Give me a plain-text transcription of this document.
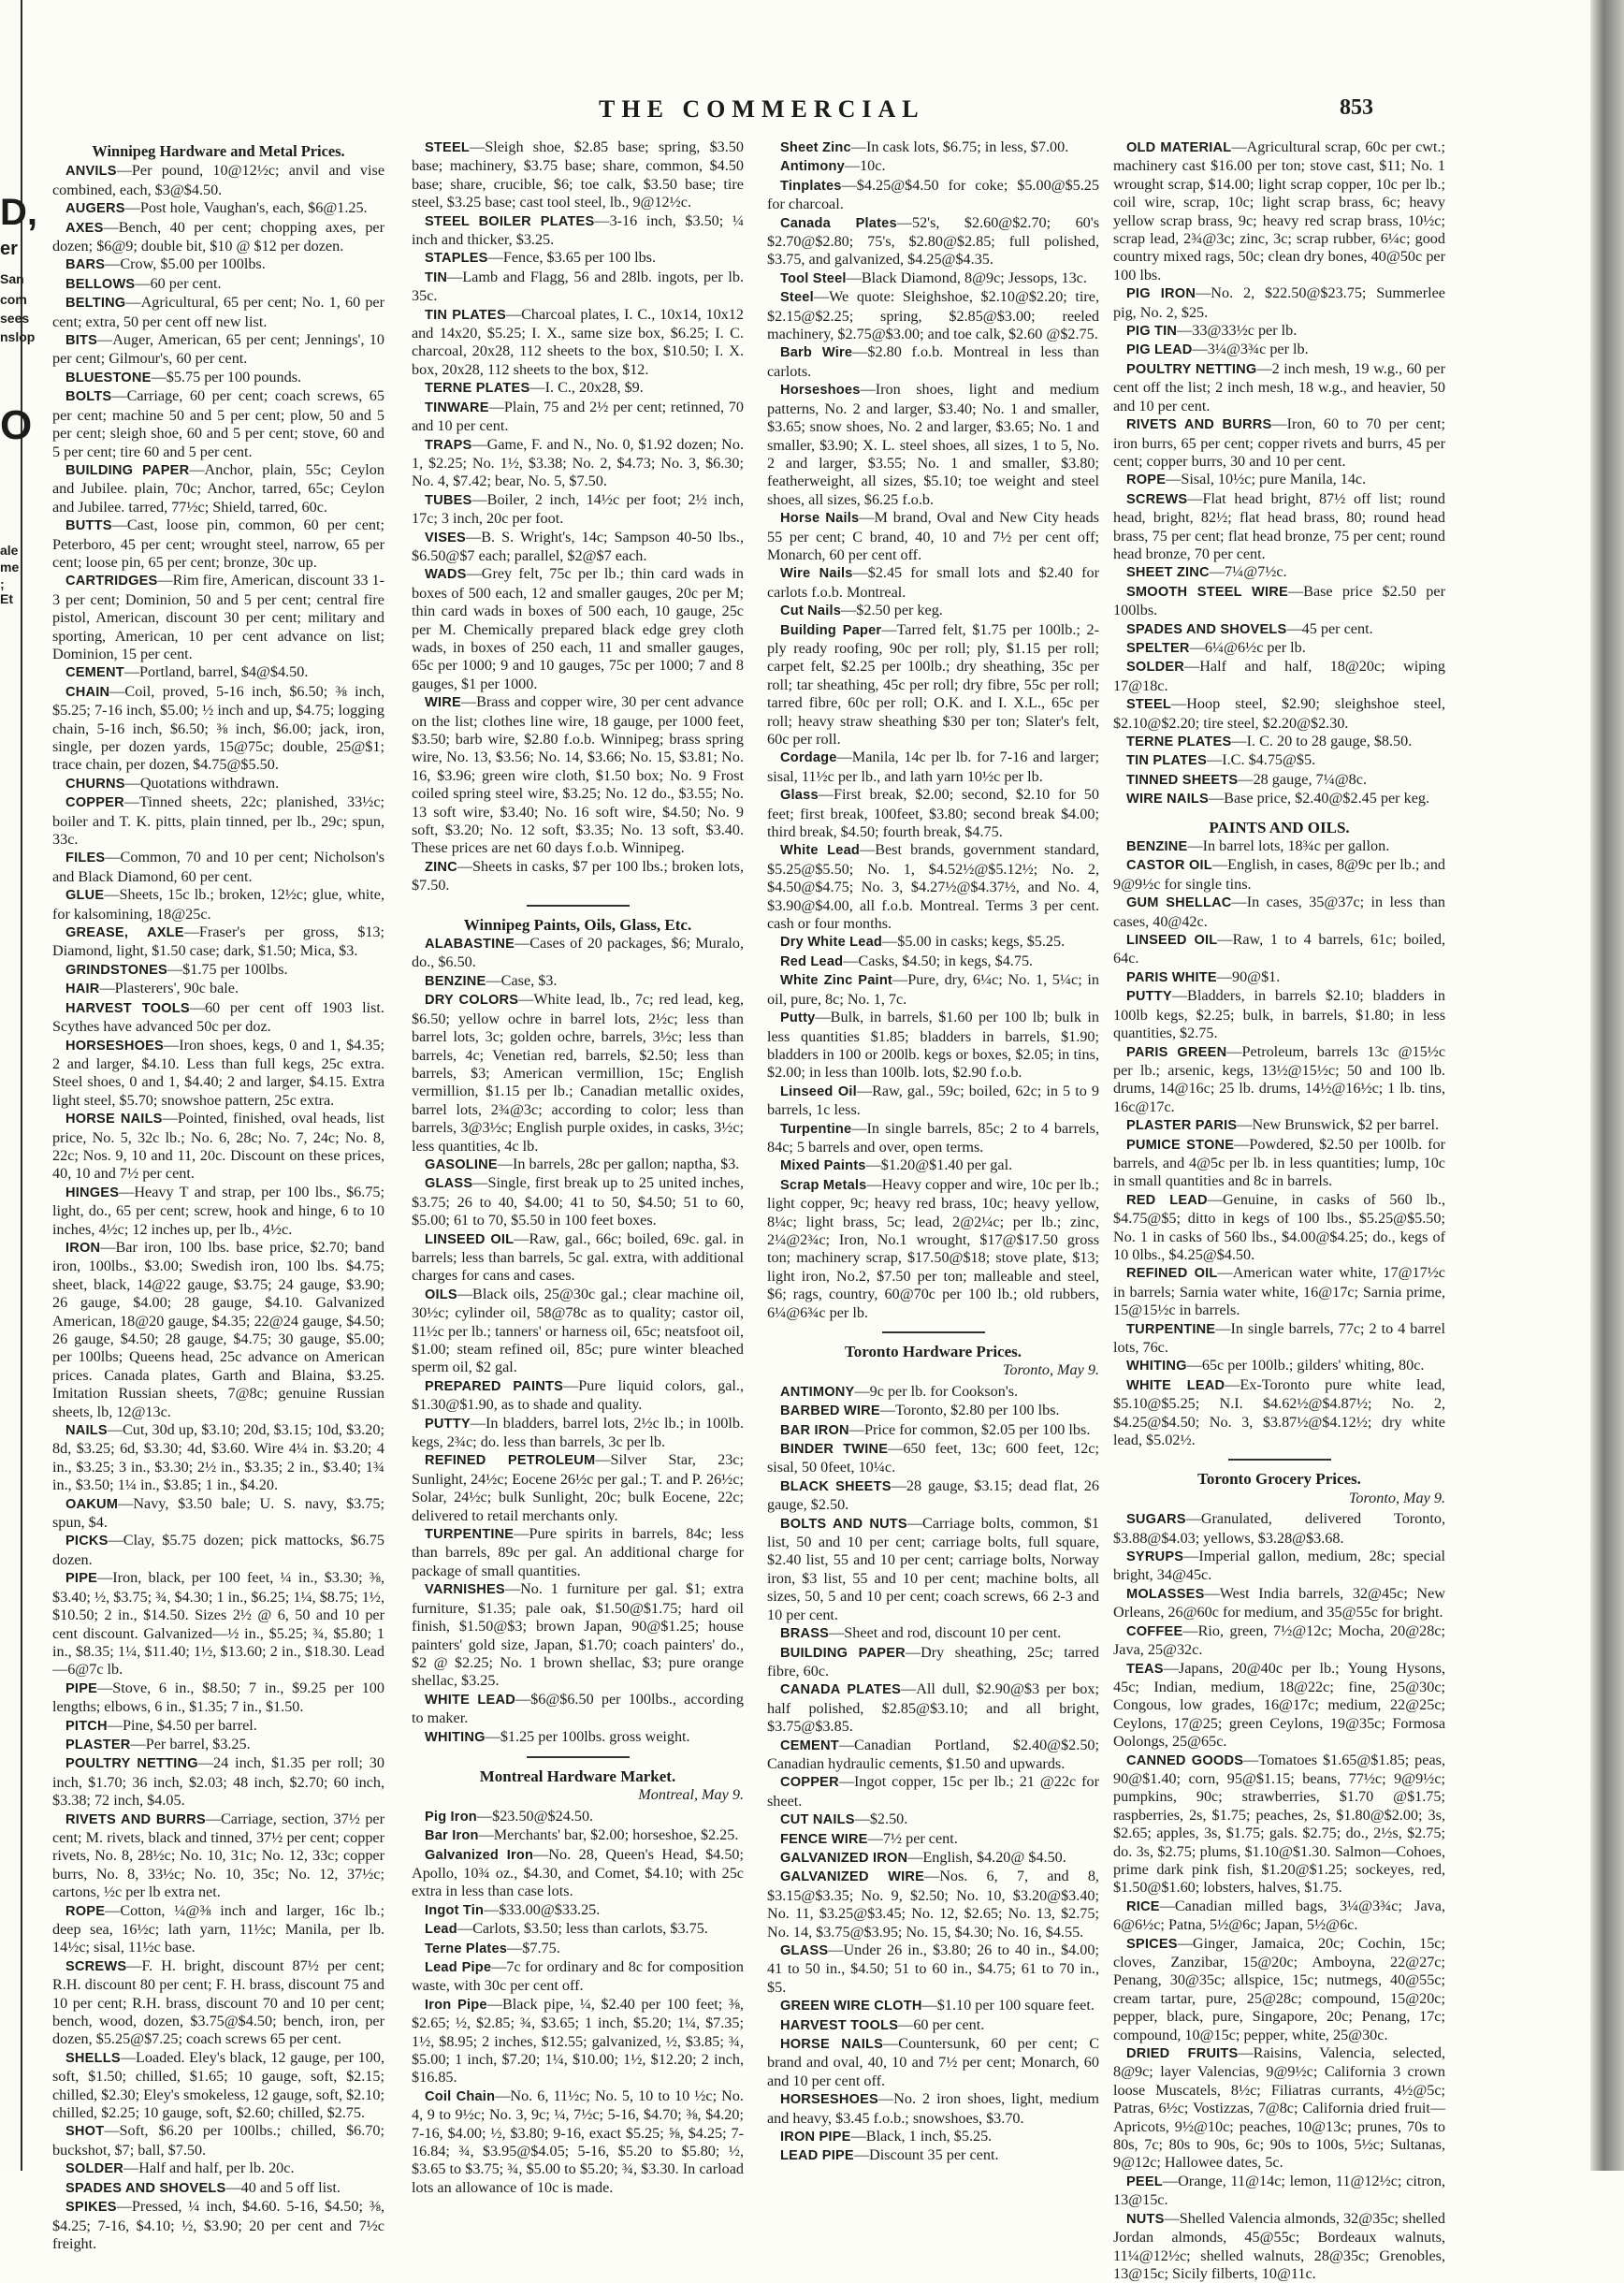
D,
er
San
com
sees
nslop
O
ale
me
; Et
THE COMMERCIAL	853
Winnipeg Hardware and Metal Prices.

ANVILS—Per pound, 10@12½c; anvil and vise combined, each, $3@$4.50.

AUGERS—Post hole, Vaughan's, each, $6@1.25.

AXES—Bench, 40 per cent; chopping axes, per dozen; $6@9; double bit, $10 @ $12 per dozen.

BARS—Crow, $5.00 per 100lbs.

BELLOWS—60 per cent.

BELTING—Agricultural, 65 per cent; No. 1, 60 per cent; extra, 50 per cent off new list.

BITS—Auger, American, 65 per cent; Jennings', 10 per cent; Gilmour's, 60 per cent.

BLUESTONE—$5.75 per 100 pounds.

BOLTS—Carriage, 60 per cent; coach screws, 65 per cent; machine 50 and 5 per cent; plow, 50 and 5 per cent; sleigh shoe, 60 and 5 per cent; stove, 60 and 5 per cent; tire 60 and 5 per cent.

BUILDING PAPER—Anchor, plain, 55c; Ceylon and Jubilee. plain, 70c; Anchor, tarred, 65c; Ceylon and Jubilee. tarred, 77½c; Shield, tarred, 60c.

BUTTS—Cast, loose pin, common, 60 per cent; Peterboro, 45 per cent; wrought steel, narrow, 65 per cent; loose pin, 65 per cent; bronze, 30c up.

CARTRIDGES—Rim fire, American, discount 33 1-3 per cent; Dominion, 50 and 5 per cent; central fire pistol, American, discount 30 per cent; military and sporting, American, 10 per cent advance on list; Dominion, 15 per cent.

CEMENT—Portland, barrel, $4@$4.50.

CHAIN—Coil, proved, 5-16 inch, $6.50; ⅜ inch, $5.25; 7-16 inch, $5.00; ½ inch and up, $4.75; logging chain, 5-16 inch, $6.50; ⅜ inch, $6.00; jack, iron, single, per dozen yards, 15@75c; double, 25@$1; trace chain, per dozen, $4.75@$5.50.

CHURNS—Quotations withdrawn.

COPPER—Tinned sheets, 22c; planished, 33½c; boiler and T. K. pitts, plain tinned, per lb., 29c; spun, 33c.

FILES—Common, 70 and 10 per cent; Nicholson's and Black Diamond, 60 per cent.

GLUE—Sheets, 15c lb.; broken, 12½c; glue, white, for kalsomining, 18@25c.

GREASE, AXLE—Fraser's per gross, $13; Diamond, light, $1.50 case; dark, $1.50; Mica, $3.

GRINDSTONES—$1.75 per 100lbs.

HAIR—Plasterers', 90c bale.

HARVEST TOOLS—60 per cent off 1903 list. Scythes have advanced 50c per doz.

HORSESHOES—Iron shoes, kegs, 0 and 1, $4.35; 2 and larger, $4.10. Less than full kegs, 25c extra. Steel shoes, 0 and 1, $4.40; 2 and larger, $4.15. Extra light steel, $5.70; snowshoe pattern, 25c extra.

HORSE NAILS—Pointed, finished, oval heads, list price, No. 5, 32c lb.; No. 6, 28c; No. 7, 24c; No. 8, 22c; Nos. 9, 10 and 11, 20c. Discount on these prices, 40, 10 and 7½ per cent.

HINGES—Heavy T and strap, per 100 lbs., $6.75; light, do., 65 per cent; screw, hook and hinge, 6 to 10 inches, 4½c; 12 inches up, per lb., 4½c.

IRON—Bar iron, 100 lbs. base price, $2.70; band iron, 100lbs., $3.00; Swedish iron, 100 lbs. $4.75; sheet, black, 14@22 gauge, $3.75; 24 gauge, $3.90; 26 gauge, $4.00; 28 gauge, $4.10. Galvanized American, 18@20 gauge, $4.35; 22@24 gauge, $4.50; 26 gauge, $4.50; 28 gauge, $4.75; 30 gauge, $5.00; per 100lbs; Queens head, 25c advance on American prices. Canada plates, Garth and Blaina, $3.25. Imitation Russian sheets, 7@8c; genuine Russian sheets, lb, 12@13c.

NAILS—Cut, 30d up, $3.10; 20d, $3.15; 10d, $3.20; 8d, $3.25; 6d, $3.30; 4d, $3.60. Wire 4¼ in. $3.20; 4 in., $3.25; 3 in., $3.30; 2½ in., $3.35; 2 in., $3.40; 1¾ in., $3.50; 1¼ in., $3.85; 1 in., $4.20.

OAKUM—Navy, $3.50 bale; U. S. navy, $3.75; spun, $4.

PICKS—Clay, $5.75 dozen; pick mattocks, $6.75 dozen.

PIPE—Iron, black, per 100 feet, ¼ in., $3.30; ⅜, $3.40; ½, $3.75; ¾, $4.30; 1 in., $6.25; 1¼, $8.75; 1½, $10.50; 2 in., $14.50. Sizes 2½ @ 6, 50 and 10 per cent discount. Galvanized—½ in., $5.25; ¾, $5.80; 1 in., $8.35; 1¼, $11.40; 1½, $13.60; 2 in., $18.30. Lead—6@7c lb.

PIPE—Stove, 6 in., $8.50; 7 in., $9.25 per 100 lengths; elbows, 6 in., $1.35; 7 in., $1.50.

PITCH—Pine, $4.50 per barrel.

PLASTER—Per barrel, $3.25.

POULTRY NETTING—24 inch, $1.35 per roll; 30 inch, $1.70; 36 inch, $2.03; 48 inch, $2.70; 60 inch, $3.38; 72 inch, $4.05.

RIVETS AND BURRS—Carriage, section, 37½ per cent; M. rivets, black and tinned, 37½ per cent; copper rivets, No. 8, 28½c; No. 10, 31c; No. 12, 33c; copper burrs, No. 8, 33½c; No. 10, 35c; No. 12, 37½c; cartons, ½c per lb extra net.

ROPE—Cotton, ¼@⅜ inch and larger, 16c lb.; deep sea, 16½c; lath yarn, 11½c; Manila, per lb. 14½c; sisal, 11½c base.

SCREWS—F. H. bright, discount 87½ per cent; R.H. discount 80 per cent; F. H. brass, discount 75 and 10 per cent; R.H. brass, discount 70 and 10 per cent; bench, wood, dozen, $3.75@$4.50; bench, iron, per dozen, $5.25@$7.25; coach screws 65 per cent.

SHELLS—Loaded. Eley's black, 12 gauge, per 100, soft, $1.50; chilled, $1.65; 10 gauge, soft, $2.15; chilled, $2.30; Eley's smokeless, 12 gauge, soft, $2.10; chilled, $2.25; 10 gauge, soft, $2.60; chilled, $2.75.

SHOT—Soft, $6.20 per 100lbs.; chilled, $6.70; buckshot, $7; ball, $7.50.

SOLDER—Half and half, per lb. 20c.

SPADES AND SHOVELS—40 and 5 off list.

SPIKES—Pressed, ¼ inch, $4.60. 5-16, $4.50; ⅜, $4.25; 7-16, $4.10; ½, $3.90; 20 per cent and 7½c freight.

STEEL—Sleigh shoe, $2.85 base; spring, $3.50 base; machinery, $3.75 base; share, common, $4.50 base; share, crucible, $6; toe calk, $3.50 base; tire steel, $3.25 base; cast tool steel, lb., 9@12½c.

STEEL BOILER PLATES—3-16 inch, $3.50; ¼ inch and thicker, $3.25.

STAPLES—Fence, $3.65 per 100 lbs.

TIN—Lamb and Flagg, 56 and 28lb. ingots, per lb. 35c.

TIN PLATES—Charcoal plates, I. C., 10x14, 10x12 and 14x20, $5.25; I. X., same size box, $6.25; I. C. charcoal, 20x28, 112 sheets to the box, $10.50; I. X. box, 20x28, 112 sheets to the box, $12.

TERNE PLATES—I. C., 20x28, $9.

TINWARE—Plain, 75 and 2½ per cent; retinned, 70 and 10 per cent.

TRAPS—Game, F. and N., No. 0, $1.92 dozen; No. 1, $2.25; No. 1½, $3.38; No. 2, $4.73; No. 3, $6.30; No. 4, $7.42; bear, No. 5, $7.50.

TUBES—Boiler, 2 inch, 14½c per foot; 2½ inch, 17c; 3 inch, 20c per foot.

VISES—B. S. Wright's, 14c; Sampson 40-50 lbs., $6.50@$7 each; parallel, $2@$7 each.

WADS—Grey felt, 75c per lb.; thin card wads in boxes of 500 each, 12 and smaller gauges, 20c per M; thin card wads in boxes of 500 each, 10 gauge, 25c per M. Chemically prepared black edge grey cloth wads, in boxes of 250 each, 11 and smaller gauges, 65c per 1000; 9 and 10 gauges, 75c per 1000; 7 and 8 gauges, $1 per 1000.

WIRE—Brass and copper wire, 30 per cent advance on the list; clothes line wire, 18 gauge, per 1000 feet, $3.50; barb wire, $2.80 f.o.b. Winnipeg; brass spring wire, No. 13, $3.56; No. 14, $3.66; No. 15, $3.81; No. 16, $3.96; green wire cloth, $1.50 box; No. 9 Frost coiled spring steel wire, $3.25; No. 12 do., $3.55; No. 13 soft wire, $3.40; No. 16 soft wire, $4.50; No. 9 soft, $3.20; No. 12 soft, $3.35; No. 13 soft, $3.40. These prices are net 60 days f.o.b. Winnipeg.

ZINC—Sheets in casks, $7 per 100 lbs.; broken lots, $7.50.

Winnipeg Paints, Oils, Glass, Etc.

ALABASTINE—Cases of 20 packages, $6; Muralo, do., $6.50.

BENZINE—Case, $3.

DRY COLORS—White lead, lb., 7c; red lead, keg, $6.50; yellow ochre in barrel lots, 2½c; less than barrel lots, 3c; golden ochre, barrels, 3½c; less than barrels, 4c; Venetian red, barrels, $2.50; less than barrels, $3; American vermillion, 15c; English vermillion, $1.15 per lb.; Canadian metallic oxides, barrel lots, 2¾@3c; according to color; less than barrels, 3@3½c; English purple oxides, in casks, 3½c; less quantities, 4c lb.

GASOLINE—In barrels, 28c per gallon; naptha, $3.

GLASS—Single, first break up to 25 united inches, $3.75; 26 to 40, $4.00; 41 to 50, $4.50; 51 to 60, $5.00; 61 to 70, $5.50 in 100 feet boxes.

LINSEED OIL—Raw, gal., 66c; boiled, 69c. gal. in barrels; less than barrels, 5c gal. extra, with additional charges for cans and cases.

OILS—Black oils, 25@30c gal.; clear machine oil, 30½c; cylinder oil, 58@78c as to quality; castor oil, 11½c per lb.; tanners' or harness oil, 65c; neatsfoot oil, $1.00; steam refined oil, 85c; pure winter bleached sperm oil, $2 gal.

PREPARED PAINTS—Pure liquid colors, gal., $1.30@$1.90, as to shade and quality.

PUTTY—In bladders, barrel lots, 2½c lb.; in 100lb. kegs, 2¾c; do. less than barrels, 3c per lb.

REFINED PETROLEUM—Silver Star, 23c; Sunlight, 24½c; Eocene 26½c per gal.; T. and P. 26½c; Solar, 24½c; bulk Sunlight, 20c; bulk Eocene, 22c; delivered to retail merchants only.

TURPENTINE—Pure spirits in barrels, 84c; less than barrels, 89c per gal. An additional charge for package of small quantities.

VARNISHES—No. 1 furniture per gal. $1; extra furniture, $1.35; pale oak, $1.50@$1.75; hard oil finish, $1.50@$3; brown Japan, 90@$1.25; house painters' gold size, Japan, $1.70; coach painters' do., $2 @ $2.25; No. 1 brown shellac, $3; pure orange shellac, $3.25.

WHITE LEAD—$6@$6.50 per 100lbs., according to maker.

WHITING—$1.25 per 100lbs. gross weight.

Montreal Hardware Market.
Montreal, May 9.

Pig Iron—$23.50@$24.50.

Bar Iron—Merchants' bar, $2.00; horseshoe, $2.25.

Galvanized Iron—No. 28, Queen's Head, $4.50; Apollo, 10¾ oz., $4.30, and Comet, $4.10; with 25c extra in less than case lots.

Ingot Tin—$33.00@$33.25.

Lead—Carlots, $3.50; less than carlots, $3.75.

Terne Plates—$7.75.

Lead Pipe—7c for ordinary and 8c for composition waste, with 30c per cent off.

Iron Pipe—Black pipe, ¼, $2.40 per 100 feet; ⅜, $2.65; ½, $2.85; ¾, $3.65; 1 inch, $5.20; 1¼, $7.35; 1½, $8.95; 2 inches, $12.55; galvanized, ½, $3.85; ¾, $5.00; 1 inch, $7.20; 1¼, $10.00; 1½, $12.20; 2 inch, $16.85.

Coil Chain—No. 6, 11½c; No. 5, 10 to 10 ½c; No. 4, 9 to 9½c; No. 3, 9c; ¼, 7½c; 5-16, $4.70; ⅜, $4.20; 7-16, $4.00; ½, $3.80; 9-16, exact $5.25; ⅝, $4.25; 7-16.84; ¾, $3.95@$4.05; 5-16, $5.20 to $5.80; ½, $3.65 to $3.75; ¾, $5.00 to $5.20; ¾, $3.30. In carload lots an allowance of 10c is made.

Sheet Zinc—In cask lots, $6.75; in less, $7.00.

Antimony—10c.

Tinplates—$4.25@$4.50 for coke; $5.00@$5.25 for charcoal.

Canada Plates—52's, $2.60@$2.70; 60's $2.70@$2.80; 75's, $2.80@$2.85; full polished, $3.75, and galvanized, $4.25@$4.35.

Tool Steel—Black Diamond, 8@9c; Jessops, 13c.

Steel—We quote: Sleighshoe, $2.10@$2.20; tire, $2.15@$2.25; spring, $2.85@$3.00; reeled machinery, $2.75@$3.00; and toe calk, $2.60 @$2.75.

Barb Wire—$2.80 f.o.b. Montreal in less than carlots.

Horseshoes—Iron shoes, light and medium patterns, No. 2 and larger, $3.40; No. 1 and smaller, $3.65; snow shoes, No. 2 and larger, $3.65; No. 1 and smaller, $3.90; X. L. steel shoes, all sizes, 1 to 5, No. 2 and larger, $3.55; No. 1 and smaller, $3.80; featherweight, all sizes, $5.10; toe weight and steel shoes, all sizes, $6.25 f.o.b.

Horse Nails—M brand, Oval and New City heads 55 per cent; C brand, 40, 10 and 7½ per cent off; Monarch, 60 per cent off.

Wire Nails—$2.45 for small lots and $2.40 for carlots f.o.b. Montreal.

Cut Nails—$2.50 per keg.

Building Paper—Tarred felt, $1.75 per 100lb.; 2-ply ready roofing, 90c per roll; ply, $1.15 per roll; carpet felt, $2.25 per 100lb.; dry sheathing, 35c per roll; tar sheathing, 45c per roll; dry fibre, 55c per roll; tarred fibre, 60c per roll; O.K. and I. X.L., 65c per roll; heavy straw sheathing $30 per ton; Slater's felt, 60c per roll.

Cordage—Manila, 14c per lb. for 7-16 and larger; sisal, 11½c per lb., and lath yarn 10½c per lb.

Glass—First break, $2.00; second, $2.10 for 50 feet; first break, 100feet, $3.80; second break $4.00; third break, $4.50; fourth break, $4.75.

White Lead—Best brands, government standard, $5.25@$5.50; No. 1, $4.52½@$5.12½; No. 2, $4.50@$4.75; No. 3, $4.27½@$4.37½, and No. 4, $3.90@$4.00, all f.o.b. Montreal. Terms 3 per cent. cash or four months.

Dry White Lead—$5.00 in casks; kegs, $5.25.

Red Lead—Casks, $4.50; in kegs, $4.75.

White Zinc Paint—Pure, dry, 6¼c; No. 1, 5¼c; in oil, pure, 8c; No. 1, 7c.

Putty—Bulk, in barrels, $1.60 per 100 lb; bulk in less quantities $1.85; bladders in barrels, $1.90; bladders in 100 or 200lb. kegs or boxes, $2.05; in tins, $2.00; in less than 100lb. lots, $2.90 f.o.b.

Linseed Oil—Raw, gal., 59c; boiled, 62c; in 5 to 9 barrels, 1c less.

Turpentine—In single barrels, 85c; 2 to 4 barrels, 84c; 5 barrels and over, open terms.

Mixed Paints—$1.20@$1.40 per gal.

Scrap Metals—Heavy copper and wire, 10c per lb.; light copper, 9c; heavy red brass, 10c; heavy yellow, 8¼c; light brass, 5c; lead, 2@2¼c; per lb.; zinc, 2¼@2¾c; Iron, No.1 wrought, $17@$17.50 gross ton; machinery scrap, $17.50@$18; stove plate, $13; light iron, No.2, $7.50 per ton; malleable and steel, $6; rags, country, 60@70c per 100 lb.; old rubbers, 6¼@6¾c per lb.

Toronto Hardware Prices.
Toronto, May 9.

ANTIMONY—9c per lb. for Cookson's.

BARBED WIRE—Toronto, $2.80 per 100 lbs.

BAR IRON—Price for common, $2.05 per 100 lbs.

BINDER TWINE—650 feet, 13c; 600 feet, 12c; sisal, 50 0feet, 10¼c.

BLACK SHEETS—28 gauge, $3.15; dead flat, 26 gauge, $2.50.

BOLTS AND NUTS—Carriage bolts, common, $1 list, 50 and 10 per cent; carriage bolts, full square, $2.40 list, 55 and 10 per cent; carriage bolts, Norway iron, $3 list, 55 and 10 per cent; machine bolts, all sizes, 50, 5 and 10 per cent; coach screws, 66 2-3 and 10 per cent.

BRASS—Sheet and rod, discount 10 per cent.

BUILDING PAPER—Dry sheathing, 25c; tarred fibre, 60c.

CANADA PLATES—All dull, $2.90@$3 per box; half polished, $2.85@$3.10; and all bright, $3.75@$3.85.

CEMENT—Canadian Portland, $2.40@$2.50; Canadian hydraulic cements, $1.50 and upwards.

COPPER—Ingot copper, 15c per lb.; 21 @22c for sheet.

CUT NAILS—$2.50.

FENCE WIRE—7½ per cent.

GALVANIZED IRON—English, $4.20@ $4.50.

GALVANIZED WIRE—Nos. 6, 7, and 8, $3.15@$3.35; No. 9, $2.50; No. 10, $3.20@$3.40; No. 11, $3.25@$3.45; No. 12, $2.65; No. 13, $2.75; No. 14, $3.75@$3.95; No. 15, $4.30; No. 16, $4.55.

GLASS—Under 26 in., $3.80; 26 to 40 in., $4.00; 41 to 50 in., $4.50; 51 to 60 in., $4.75; 61 to 70 in., $5.

GREEN WIRE CLOTH—$1.10 per 100 square feet.

HARVEST TOOLS—60 per cent.

HORSE NAILS—Countersunk, 60 per cent; C brand and oval, 40, 10 and 7½ per cent; Monarch, 60 and 10 per cent off.

HORSESHOES—No. 2 iron shoes, light, medium and heavy, $3.45 f.o.b.; snowshoes, $3.70.

IRON PIPE—Black, 1 inch, $5.25.

LEAD PIPE—Discount 35 per cent.

OLD MATERIAL—Agricultural scrap, 60c per cwt.; machinery cast $16.00 per ton; stove cast, $11; No. 1 wrought scrap, $14.00; light scrap copper, 10c per lb.; coil wire, scrap, 10c; light scrap brass, 6c; heavy yellow scrap brass, 9c; heavy red scrap brass, 10½c; scrap lead, 2¾@3c; zinc, 3c; scrap rubber, 6¼c; good country mixed rags, 50c; clean dry bones, 40@50c per 100 lbs.

PIG IRON—No. 2, $22.50@$23.75; Summerlee pig, No. 2, $25.

PIG TIN—33@33½c per lb.

PIG LEAD—3¼@3¾c per lb.

POULTRY NETTING—2 inch mesh, 19 w.g., 60 per cent off the list; 2 inch mesh, 18 w.g., and heavier, 50 and 10 per cent.

RIVETS AND BURRS—Iron, 60 to 70 per cent; iron burrs, 65 per cent; copper rivets and burrs, 45 per cent; copper burrs, 30 and 10 per cent.

ROPE—Sisal, 10½c; pure Manila, 14c.

SCREWS—Flat head bright, 87½ off list; round head, bright, 82½; flat head brass, 80; round head brass, 75 per cent; flat head bronze, 75 per cent; round head bronze, 70 per cent.

SHEET ZINC—7¼@7½c.

SMOOTH STEEL WIRE—Base price $2.50 per 100lbs.

SPADES AND SHOVELS—45 per cent.

SPELTER—6¼@6½c per lb.

SOLDER—Half and half, 18@20c; wiping 17@18c.

STEEL—Hoop steel, $2.90; sleighshoe steel, $2.10@$2.20; tire steel, $2.20@$2.30.

TERNE PLATES—I. C. 20 to 28 gauge, $8.50.

TIN PLATES—I.C. $4.75@$5.

TINNED SHEETS—28 gauge, 7¼@8c.

WIRE NAILS—Base price, $2.40@$2.45 per keg.

PAINTS AND OILS.

BENZINE—In barrel lots, 18¾c per gallon.

CASTOR OIL—English, in cases, 8@9c per lb.; and 9@9½c for single tins.

GUM SHELLAC—In cases, 35@37c; in less than cases, 40@42c.

LINSEED OIL—Raw, 1 to 4 barrels, 61c; boiled, 64c.

PARIS WHITE—90@$1.

PUTTY—Bladders, in barrels $2.10; bladders in 100lb kegs, $2.25; bulk, in barrels, $1.80; in less quantities, $2.75.

PARIS GREEN—Petroleum, barrels 13c @15½c per lb.; arsenic, kegs, 13½@15½c; 50 and 100 lb. drums, 14@16c; 25 lb. drums, 14½@16½c; 1 lb. tins, 16c@17c.

PLASTER PARIS—New Brunswick, $2 per barrel.

PUMICE STONE—Powdered, $2.50 per 100lb. for barrels, and 4@5c per lb. in less quantities; lump, 10c in small quantities and 8c in barrels.

RED LEAD—Genuine, in casks of 560 lb., $4.75@$5; ditto in kegs of 100 lbs., $5.25@$5.50; No. 1 in casks of 560 lbs., $4.00@$4.25; do., kegs of 10 0lbs., $4.25@$4.50.

REFINED OIL—American water white, 17@17½c in barrels; Sarnia water white, 16@17c; Sarnia prime, 15@15½c in barrels.

TURPENTINE—In single barrels, 77c; 2 to 4 barrel lots, 76c.

WHITING—65c per 100lb.; gilders' whiting, 80c.

WHITE LEAD—Ex-Toronto pure white lead, $5.10@$5.25; N.I. $4.62½@$4.87½; No. 2, $4.25@$4.50; No. 3, $3.87½@$4.12½; dry white lead, $5.02½.

Toronto Grocery Prices.
Toronto, May 9.

SUGARS—Granulated, delivered Toronto, $3.88@$4.03; yellows, $3.28@$3.68.

SYRUPS—Imperial gallon, medium, 28c; special bright, 34@45c.

MOLASSES—West India barrels, 32@45c; New Orleans, 26@60c for medium, and 35@55c for bright.

COFFEE—Rio, green, 7½@12c; Mocha, 20@28c; Java, 25@32c.

TEAS—Japans, 20@40c per lb.; Young Hysons, 45c; Indian, medium, 18@22c; fine, 25@30c; Congous, low grades, 16@17c; medium, 22@25c; Ceylons, 17@25; green Ceylons, 19@35c; Formosa Oolongs, 25@65c.

CANNED GOODS—Tomatoes $1.65@$1.85; peas, 90@$1.40; corn, 95@$1.15; beans, 77½c; 9@9½c; pumpkins, 90c; strawberries, $1.70 @$1.75; raspberries, 2s, $1.75; peaches, 2s, $1.80@$2.00; 3s, $2.65; apples, 3s, $1.75; gals. $2.75; do., 2½s, $2.75; do. 3s, $2.75; plums, $1.10@$1.30. Salmon—Cohoes, prime dark pink fish, $1.20@$1.25; sockeyes, red, $1.50@$1.60; lobsters, halves, $1.75.

RICE—Canadian milled bags, 3¼@3¾c; Java, 6@6½c; Patna, 5½@6c; Japan, 5½@6c.

SPICES—Ginger, Jamaica, 20c; Cochin, 15c; cloves, Zanzibar, 15@20c; Amboyna, 22@27c; Penang, 30@35c; allspice, 15c; nutmegs, 40@55c; cream tartar, pure, 25@28c; compound, 15@20c; pepper, black, pure, Singapore, 20c; Penang, 17c; compound, 10@15c; pepper, white, 25@30c.

DRIED FRUITS—Raisins, Valencia, selected, 8@9c; layer Valencias, 9@9½c; California 3 crown loose Muscatels, 8½c; Filiatras currants, 4½@5c; Patras, 6½c; Vostizzas, 7@8c; California dried fruit—Apricots, 9½@10c; peaches, 10@13c; prunes, 70s to 80s, 7c; 80s to 90s, 6c; 90s to 100s, 5½c; Sultanas, 9@12c; Hallowee dates, 5c.

PEEL—Orange, 11@14c; lemon, 11@12½c; citron, 13@15c.

NUTS—Shelled Valencia almonds, 32@35c; shelled Jordan almonds, 45@55c; Bordeaux walnuts, 11¼@12½c; shelled walnuts, 28@35c; Grenobles, 13@15c; Sicily filberts, 10@11c.
